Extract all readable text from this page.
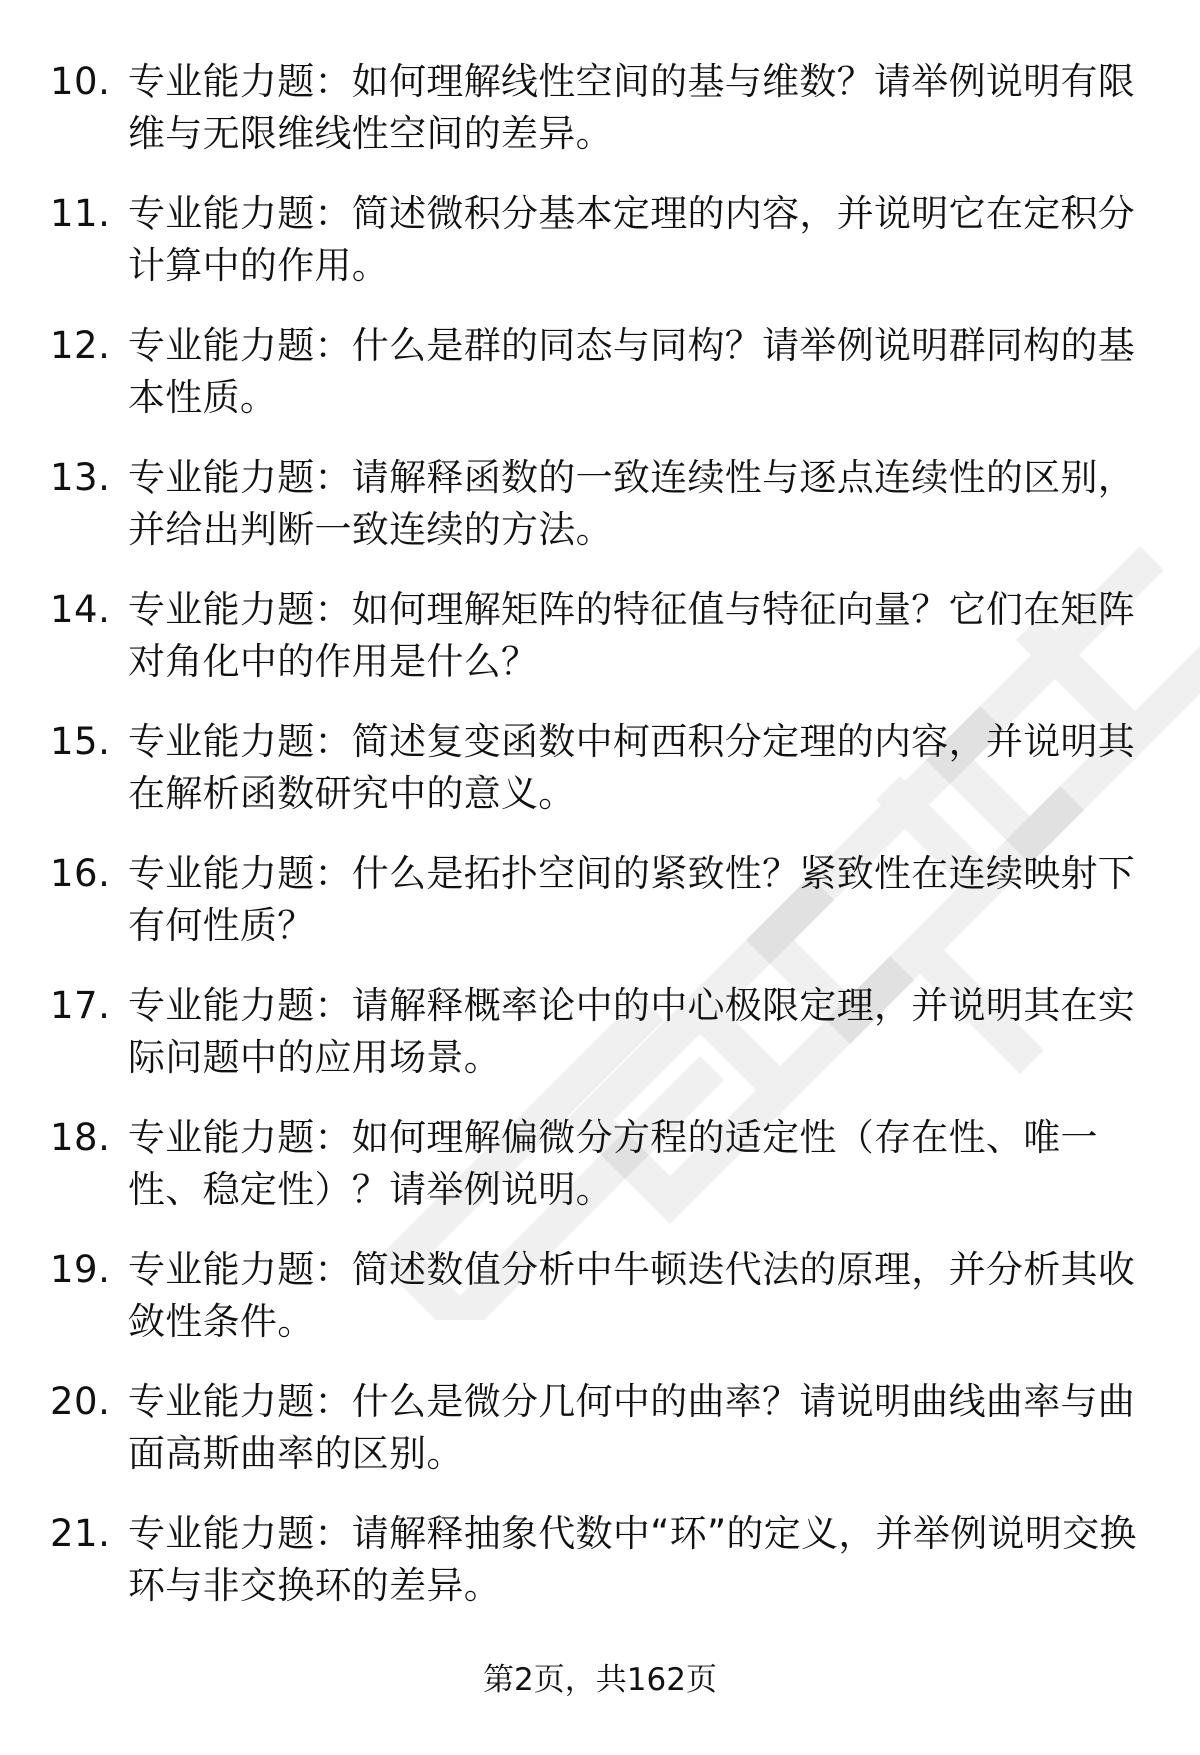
10. 专业能力题：如何理解线性空间的基与维数？请举例说明有限维与无限维线性空间的差异。
11. 专业能力题：简述微积分基本定理的内容，并说明它在定积分计算中的作用。
12. 专业能力题：什么是群的同态与同构？请举例说明群同构的基本性质。
13. 专业能力题：请解释函数的一致连续性与逐点连续性的区别，并给出判断一致连续的方法。
14. 专业能力题：如何理解矩阵的特征值与特征向量？它们在矩阵对角化中的作用是什么？
15. 专业能力题：简述复变函数中柯西积分定理的内容，并说明其在解析函数研究中的意义。
16. 专业能力题：什么是拓扑空间的紧致性？紧致性在连续映射下有何性质？
17. 专业能力题：请解释概率论中的中心极限定理，并说明其在实际问题中的应用场景。
18. 专业能力题：如何理解偏微分方程的适定性（存在性、唯一性、稳定性）？请举例说明。
19. 专业能力题：简述数值分析中牛顿迭代法的原理，并分析其收敛性条件。
20. 专业能力题：什么是微分几何中的曲率？请说明曲线曲率与曲面高斯曲率的区别。
21. 专业能力题：请解释抽象代数中“环”的定义，并举例说明交换环与非交换环的差异。
第2页，共162页
